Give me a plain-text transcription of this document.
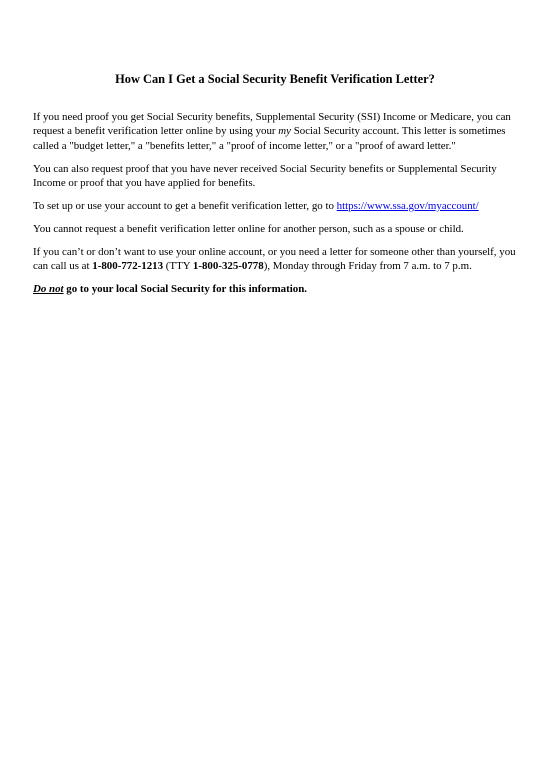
How Can I Get a Social Security Benefit Verification Letter?

If you need proof you get Social Security benefits, Supplemental Security (SSI) Income or Medicare, you can request a benefit verification letter online by using your my Social Security account. This letter is sometimes called a "budget letter," a "benefits letter," a "proof of income letter," or a "proof of award letter."

You can also request proof that you have never received Social Security benefits or Supplemental Security Income or proof that you have applied for benefits.

To set up or use your account to get a benefit verification letter, go to https://www.ssa.gov/myaccount/

You cannot request a benefit verification letter online for another person, such as a spouse or child.

If you can’t or don’t want to use your online account, or you need a letter for someone other than yourself, you can call us at 1-800-772-1213 (TTY 1-800-325-0778), Monday through Friday from 7 a.m. to 7 p.m.

Do not go to your local Social Security for this information.
